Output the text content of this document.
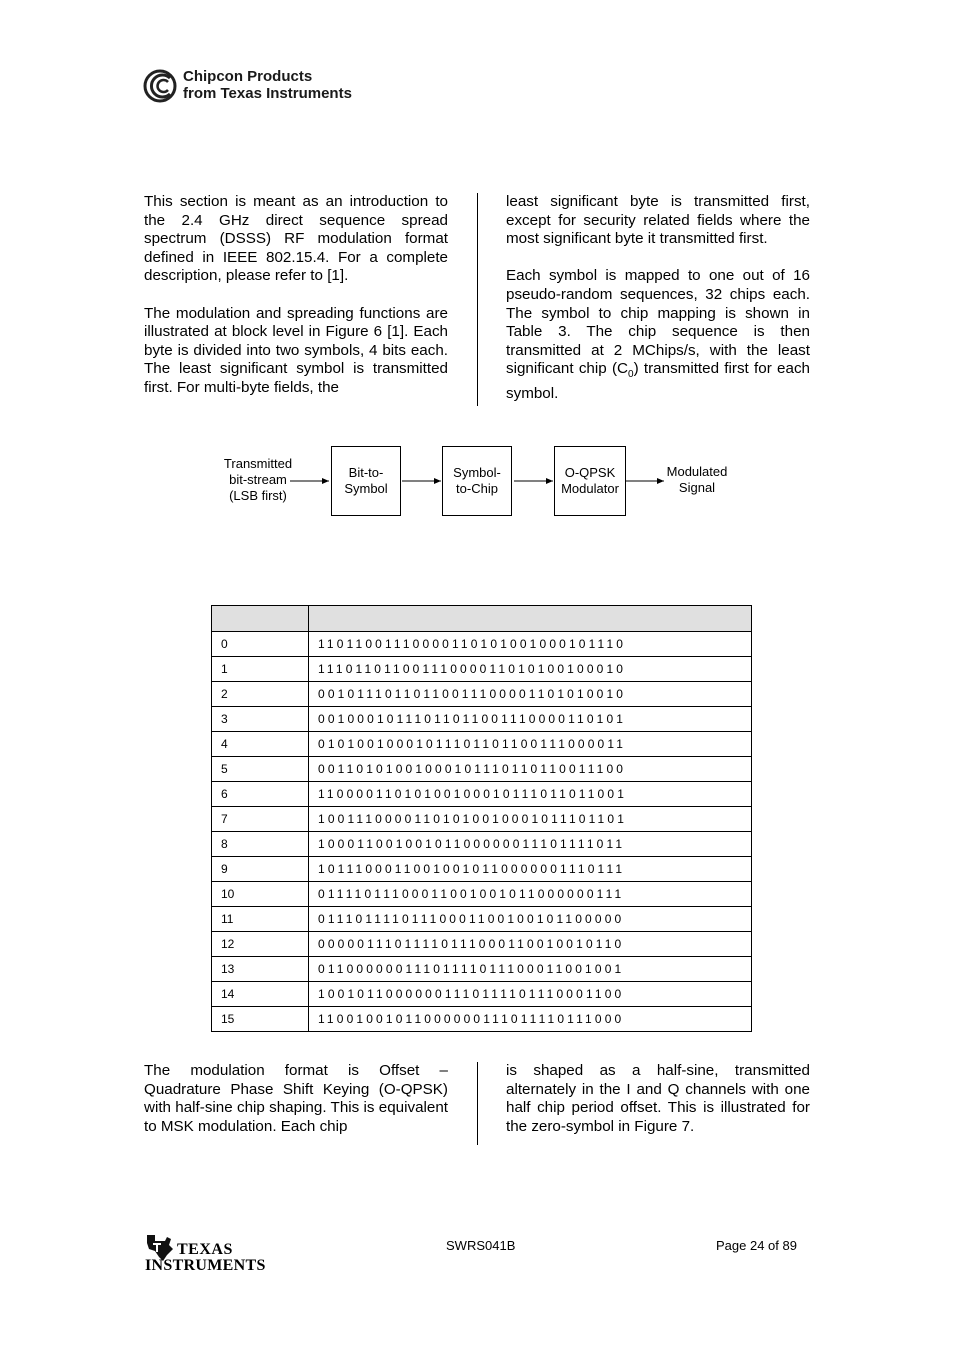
Chipcon Products
from Texas Instruments

This section is meant as an introduction to the 2.4 GHz direct sequence spread spectrum (DSSS) RF modulation format defined in IEEE 802.15.4. For a complete description, please refer to [1].

The modulation and spreading functions are illustrated at block level in Figure 6 [1]. Each byte is divided into two symbols, 4 bits each. The least significant symbol is transmitted first. For multi-byte fields, the

least significant byte is transmitted first, except for security related fields where the most significant byte it transmitted first.

Each symbol is mapped to one out of 16 pseudo-random sequences, 32 chips each. The symbol to chip mapping is shown in Table 3. The chip sequence is then transmitted at 2 MChips/s, with the least significant chip $(C_0)$ transmitted first for each symbol.

Transmitted
bit-stream
(LSB first)
Bit-to-
Symbol
Symbol-
to-Chip
O-QPSK
Modulator
Modulated
Signal

0	11011001110000110101001000101110
1	11101101100111000011010100100010
2	00101110110110011100001101010010
3	00100010111011011001110000110101
4	01010010001011101101100111000011
5	00110101001000101110110110011100
6	11000011010100100010111011011001
7	10011100001101010010001011101101
8	10001100100101100000011101111011
9	10111000110010010110000001110111
10	01111011100011001001011000000111
11	01110111101110001100100101100000
12	00000111011110111000110010010110
13	01100000011101111011100011001001
14	10010110000001110111101110001100
15	11001001011000000111011110111000

The modulation format is Offset – Quadrature Phase Shift Keying (O-QPSK) with half-sine chip shaping. This is equivalent to MSK modulation. Each chip

is shaped as a half-sine, transmitted alternately in the I and Q channels with one half chip period offset. This is illustrated for the zero-symbol in Figure 7.

TEXAS
INSTRUMENTS
SWRS041B	Page 24 of 89
